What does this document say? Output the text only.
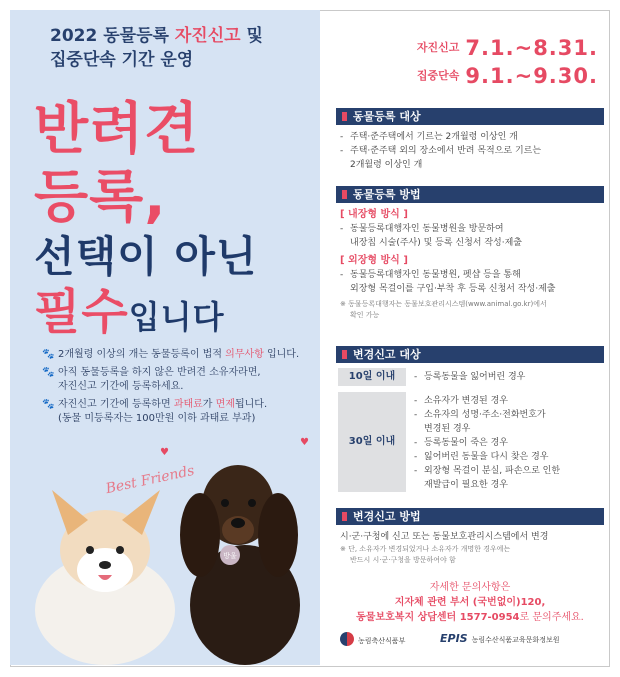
2022 동물등록 자진신고 및
집중단속 기간 운영
반려견
등록,
선택이 아닌
필수입니다
🐾 2개월령 이상의 개는 동물등록이 법적 의무사항 입니다.
🐾 아직 동물등록을 하지 않은 반려견 소유자라면,
자진신고 기간에 등록하세요.
🐾 자진신고 기간에 등록하면 과태료가 면제됩니다.
(동물 미등록자는 100만원 이하 과태료 부과)
방울
♥
♥
Best Friends
$^{자진신고}$ 7.1.~8.31.
$^{집중단속}$ 9.1.~9.30.
동물등록 대상
- 주택·준주택에서 기르는 2개월령 이상인 개
- 주택·준주택 외의 장소에서 반려 목적으로 기르는
2개월령 이상인 개
동물등록 방법
[ 내장형 방식 ]
- 동물등록대행자인 동물병원을 방문하여
내장칩 시술(주사) 및 등록 신청서 작성·제출
[ 외장형 방식 ]
- 동물등록대행자인 동물병원, 펫샵 등을 통해
외장형 목걸이를 구입·부착 후 등록 신청서 작성·제출
※ 동물등록대행자는 동물보호관리시스템(www.animal.go.kr)에서
확인 가능
변경신고 대상
10일 이내
-	등록동물을 잃어버린 경우
30일 이내
- 소유자가 변경된 경우
- 소유자의 성명·주소·전화번호가
변경된 경우
- 등록동물이 죽은 경우
- 잃어버린 동물을 다시 찾은 경우
- 외장형 목걸이 분실, 파손으로 인한
재발급이 필요한 경우
변경신고 방법
시·군·구청에 신고 또는 동물보호관리시스템에서 변경
※ 단, 소유자가 변경되었거나 소유자가 개명한 경우에는
반드시 시·군·구청을 방문하여야 함
자세한 문의사항은
지자체 관련 부서 (국번없이)120,
동물보호복지 상담센터 1577-0954로 문의주세요.
농림축산식품부	EPIS 농림수산식품교육문화정보원
